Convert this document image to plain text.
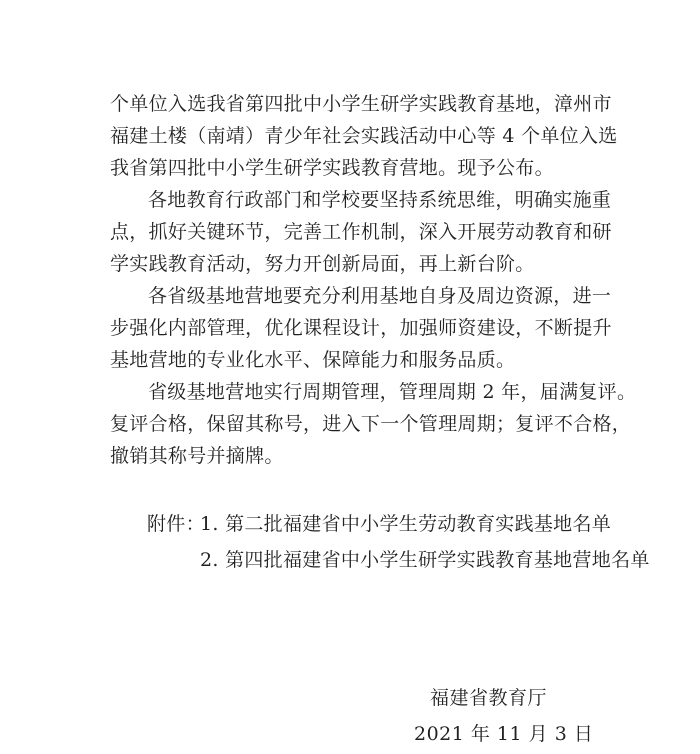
个单位入选我省第四批中小学生研学实践教育基地，漳州市
福建土楼（南靖）青少年社会实践活动中心等 4 个单位入选
我省第四批中小学生研学实践教育营地。现予公布。
各地教育行政部门和学校要坚持系统思维，明确实施重
点，抓好关键环节，完善工作机制，深入开展劳动教育和研
学实践教育活动，努力开创新局面，再上新台阶。
各省级基地营地要充分利用基地自身及周边资源，进一
步强化内部管理，优化课程设计，加强师资建设，不断提升
基地营地的专业化水平、保障能力和服务品质。
省级基地营地实行周期管理，管理周期 2 年，届满复评。
复评合格，保留其称号，进入下一个管理周期；复评不合格，
撤销其称号并摘牌。
附件：
1. 第二批福建省中小学生劳动教育实践基地名单
2. 第四批福建省中小学生研学实践教育基地营地名单
福建省教育厅
2021 年 11 月 3 日
